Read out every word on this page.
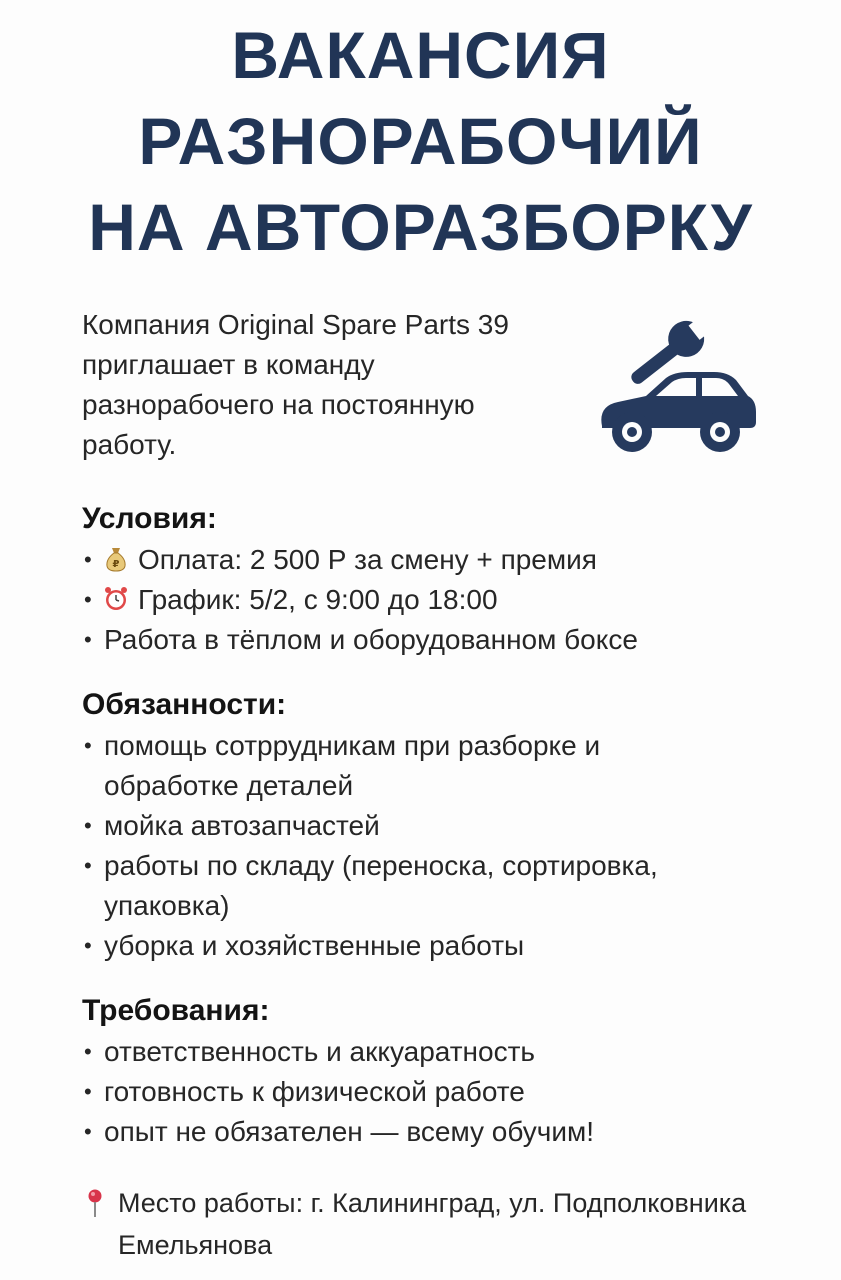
ВАКАНСИЯ
РАЗНОРАБОЧИЙ
НА АВТОРАЗБОРКУ
Компания Original Spare Parts 39
приглашает в команду
разнорабочего на постоянную
работу.
Условия:
• ₽ Оплата: 2 500 Р за смену + премия
• График: 5/2, с 9:00 до 18:00
• Работа в тёплом и оборудованном боксе
Обязанности:
• помощь сотррудникам при разборке и обработке деталей
• мойка автозапчастей
• работы по складу (переноска, сортировка, упаковка)
• уборка и хозяйственные работы
Требования:
• ответственность и аккуаратность
• готовность к физической работе
• опыт не обязателен — всему обучим!
Место работы: г. Калининград, ул. Подполковника Емельянова
